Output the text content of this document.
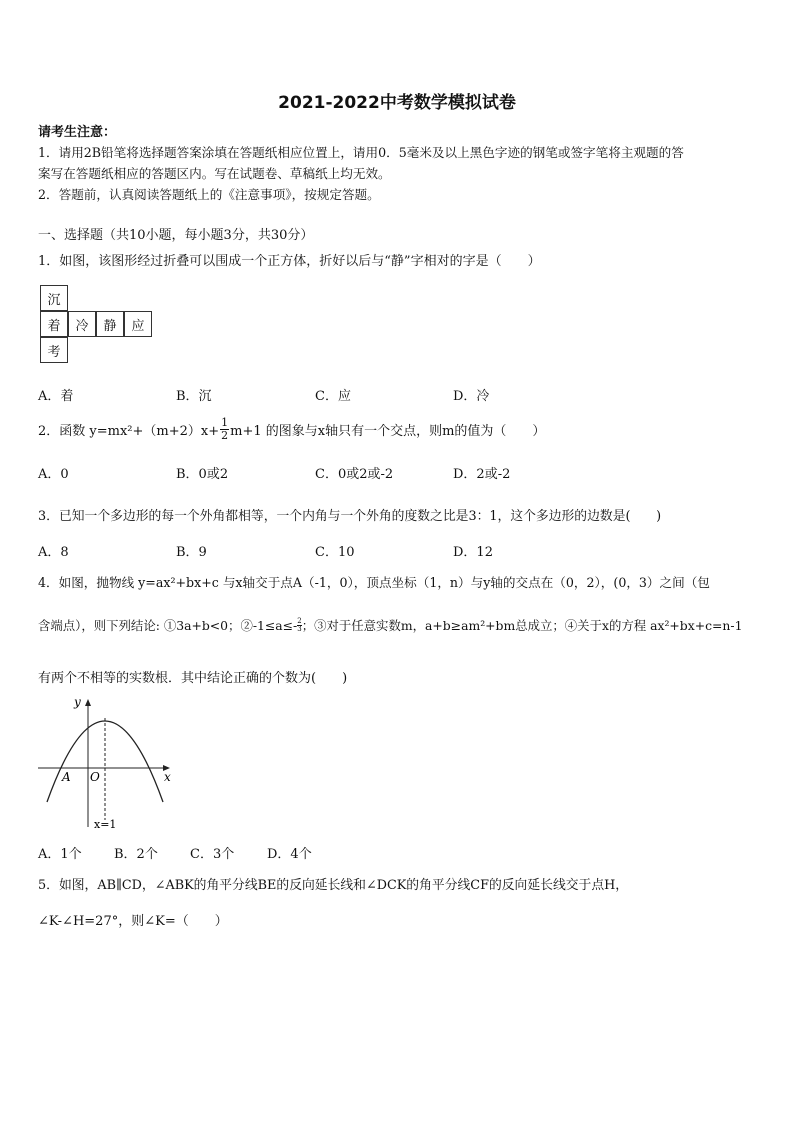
2021-2022中考数学模拟试卷
请考生注意：
1．请用2B铅笔将选择题答案涂填在答题纸相应位置上，请用0．5毫米及以上黑色字迹的钢笔或签字笔将主观题的答
案写在答题纸相应的答题区内。写在试题卷、草稿纸上均无效。
2．答题前，认真阅读答题纸上的《注意事项》，按规定答题。
一、选择题（共10小题，每小题3分，共30分）
1．如图，该图形经过折叠可以围成一个正方体，折好以后与“静”字相对的字是（　　）
沉
着	冷	静	应
考
A．着	B．沉	C．应	D．冷
2．函数 $y=mx^2+(m+2)x+ \frac{1}{2} m+1$ 的图象与x轴只有一个交点，则m的值为（　　）
A．0	B．0或2	C．0或2或-2	D．2或-2
3．已知一个多边形的每一个外角都相等，一个内角与一个外角的度数之比是3：1，这个多边形的边数是(　　)
A．8	B．9	C．10	D．12
4．如图，抛物线 y=ax²+bx+c 与x轴交于点A（-1，0），顶点坐标（1，n）与y轴的交点在（0，2），(0，3）之间（包
含端点），则下列结论: ①3a+b<0；②-1≤a≤- $\frac{2}{3}$ ；③对于任意实数m，a+b≥am²+bm总成立；④关于x的方程 ax²+bx+c=n-1
有两个不相等的实数根．其中结论正确的个数为(　　)
y
x
A O
x=1
A．1个 B．2个 C．3个	D．4个
5．如图，AB∥CD，∠ABK的角平分线BE的反向延长线和∠DCK的角平分线CF的反向延长线交于点H，
∠K-∠H=27°，则∠K=（　　）
